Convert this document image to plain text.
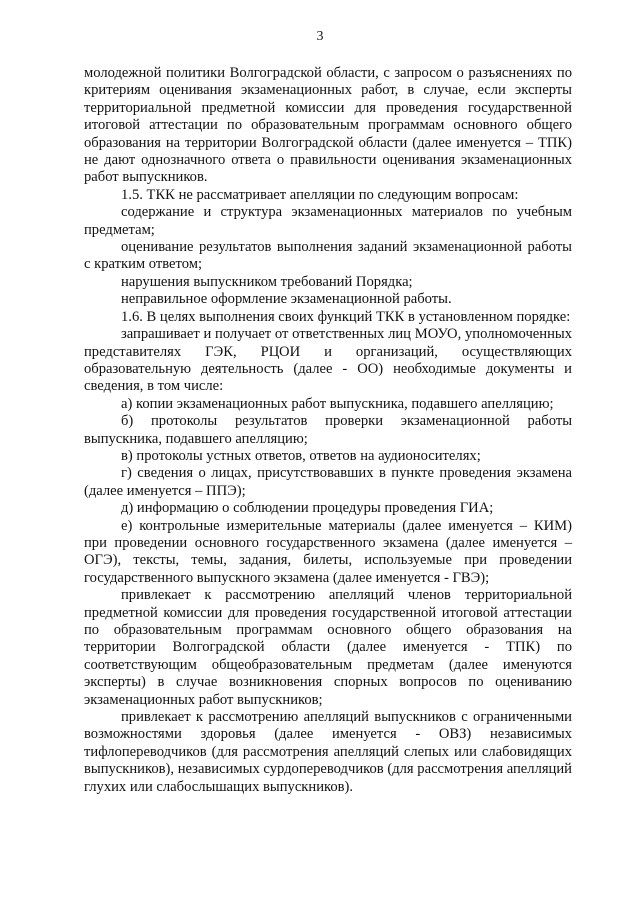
3

молодежной политики Волгоградской области, с запросом о разъяснениях по критериям оценивания экзаменационных работ, в случае, если эксперты территориальной предметной комиссии для проведения государственной итоговой аттестации по образовательным программам основного общего образования на территории Волгоградской области (далее именуется – ТПК) не дают однозначного ответа о правильности оценивания экзаменационных работ выпускников.

1.5. ТКК не рассматривает апелляции по следующим вопросам:

содержание и структура экзаменационных материалов по учебным предметам;

оценивание результатов выполнения заданий экзаменационной работы с кратким ответом;

нарушения выпускником требований Порядка;

неправильное оформление экзаменационной работы.

1.6. В целях выполнения своих функций ТКК в установленном порядке:

запрашивает и получает от ответственных лиц МОУО, уполномоченных представителях ГЭК, РЦОИ и организаций, осуществляющих образовательную деятельность (далее - ОО) необходимые документы и сведения, в том числе:

а) копии экзаменационных работ выпускника, подавшего апелляцию;

б) протоколы результатов проверки экзаменационной работы выпускника, подавшего апелляцию;

в) протоколы устных ответов, ответов на аудионосителях;

г) сведения о лицах, присутствовавших в пункте проведения экзамена (далее именуется – ППЭ);

д) информацию о соблюдении процедуры проведения ГИА;

е) контрольные измерительные материалы (далее именуется – КИМ) при проведении основного государственного экзамена (далее именуется – ОГЭ), тексты, темы, задания, билеты, используемые при проведении государственного выпускного экзамена (далее именуется - ГВЭ);

привлекает к рассмотрению апелляций членов территориальной предметной комиссии для проведения государственной итоговой аттестации по образовательным программам основного общего образования на территории Волгоградской области (далее именуется - ТПК) по соответствующим общеобразовательным предметам (далее именуются эксперты) в случае возникновения спорных вопросов по оцениванию экзаменационных работ выпускников;

привлекает к рассмотрению апелляций выпускников с ограниченными возможностями здоровья (далее именуется - ОВЗ) независимых тифлопереводчиков (для рассмотрения апелляций слепых или слабовидящих выпускников), независимых сурдопереводчиков (для рассмотрения апелляций глухих или слабослышащих выпускников).
